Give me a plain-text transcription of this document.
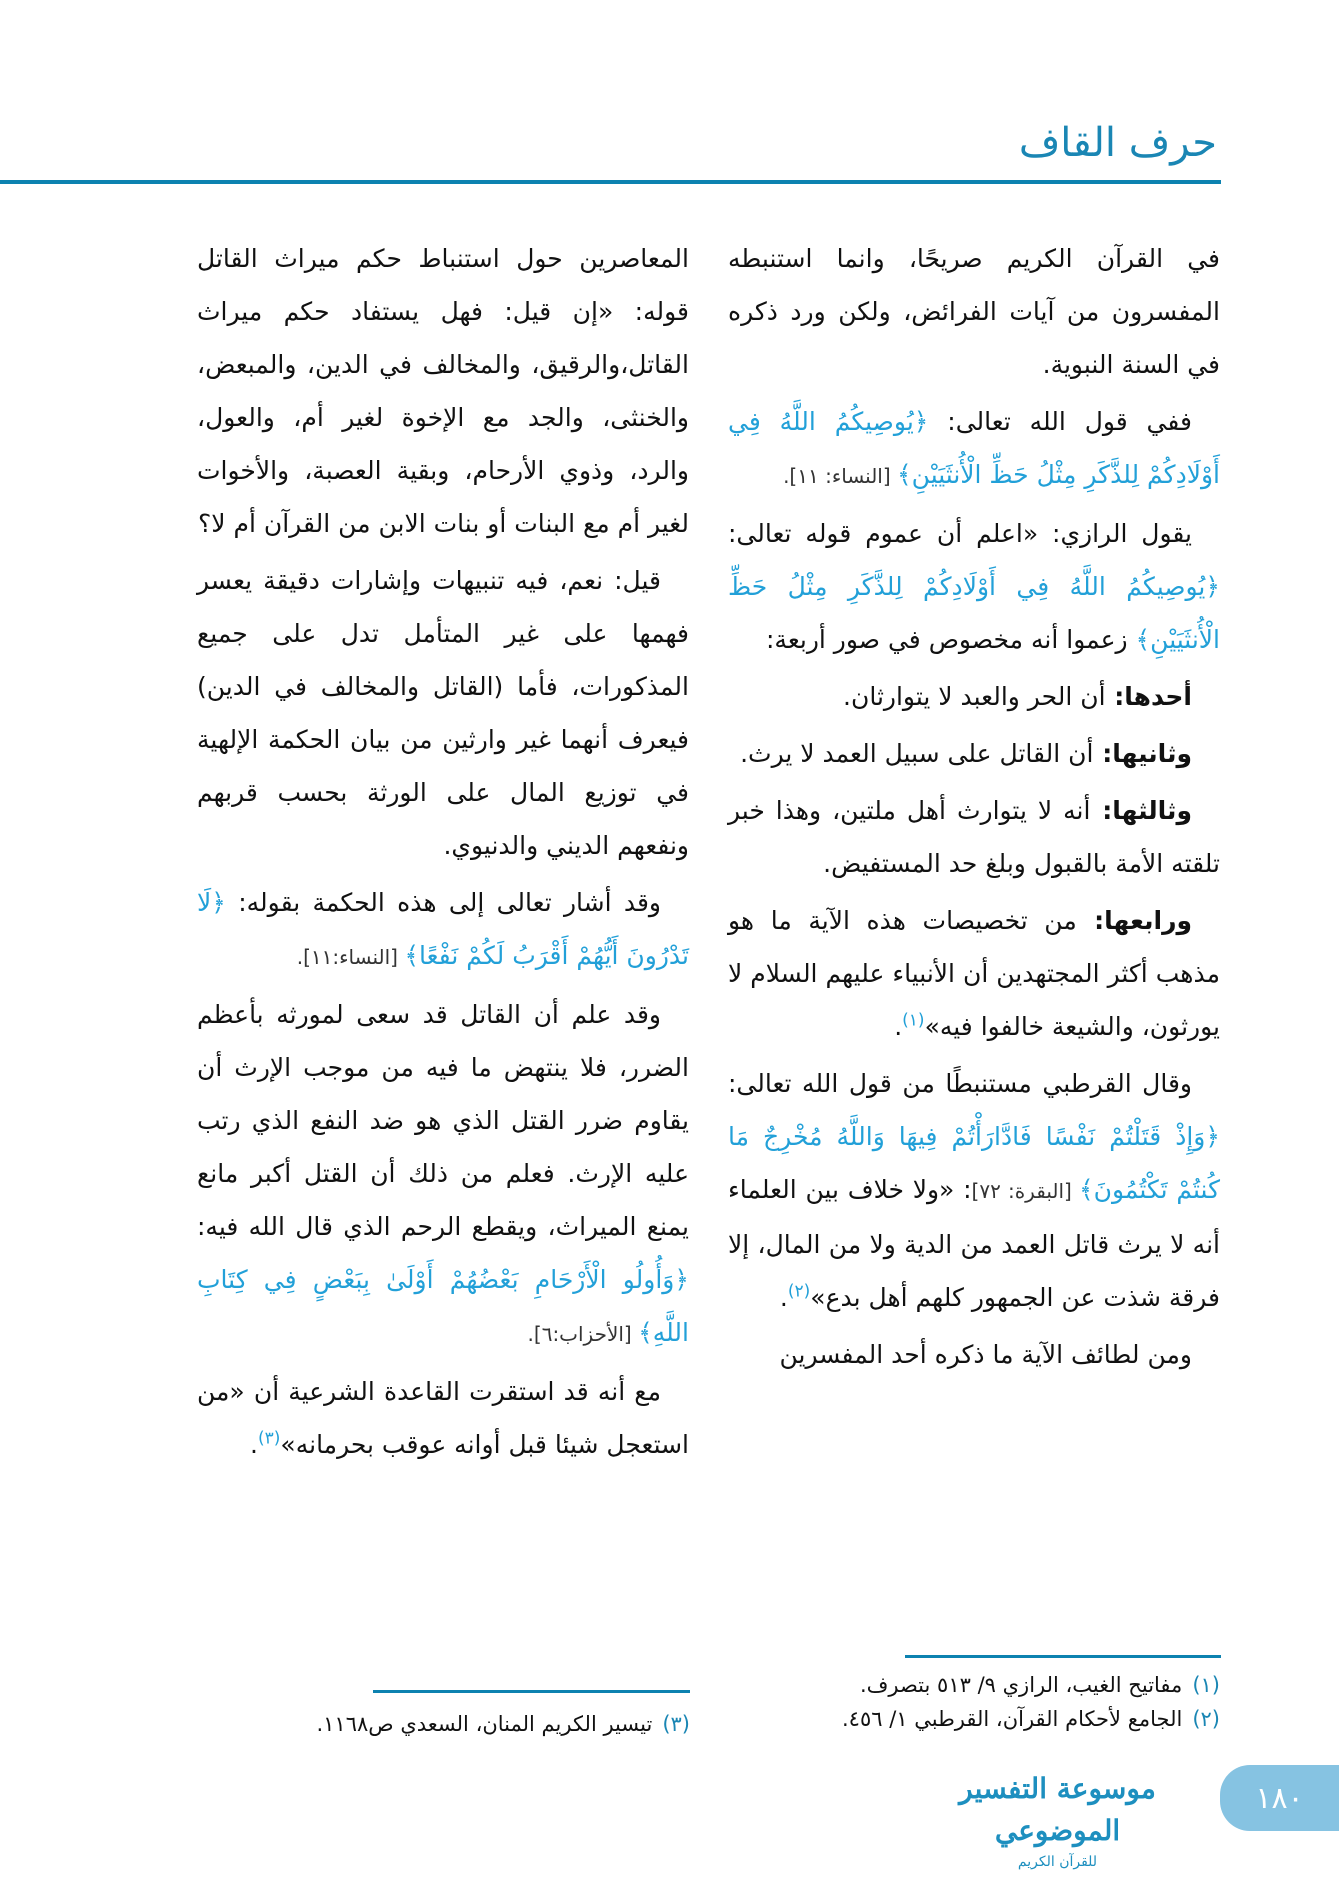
حرف القاف

في القرآن الكريم صريحًا، وانما استنبطه المفسرون من آيات الفرائض، ولكن ورد ذكره في السنة النبوية.

ففي قول الله تعالى: ﴿يُوصِيكُمُ اللَّهُ فِي أَوْلَادِكُمْ لِلذَّكَرِ مِثْلُ حَظِّ الْأُنثَيَيْنِ﴾ [النساء: ١١].

يقول الرازي: «اعلم أن عموم قوله تعالى: ﴿يُوصِيكُمُ اللَّهُ فِي أَوْلَادِكُمْ لِلذَّكَرِ مِثْلُ حَظِّ الْأُنثَيَيْنِ﴾ زعموا أنه مخصوص في صور أربعة:

أحدها: أن الحر والعبد لا يتوارثان.

وثانيها: أن القاتل على سبيل العمد لا يرث.

وثالثها: أنه لا يتوارث أهل ملتين، وهذا خبر تلقته الأمة بالقبول وبلغ حد المستفيض.

ورابعها: من تخصيصات هذه الآية ما هو مذهب أكثر المجتهدين أن الأنبياء عليهم السلام لا يورثون، والشيعة خالفوا فيه»$^{(١)}$.

وقال القرطبي مستنبطًا من قول الله تعالى: ﴿وَإِذْ قَتَلْتُمْ نَفْسًا فَادَّارَأْتُمْ فِيهَا وَاللَّهُ مُخْرِجٌ مَا كُنتُمْ تَكْتُمُونَ﴾ [البقرة: ٧٢]: «ولا خلاف بين العلماء أنه لا يرث قاتل العمد من الدية ولا من المال، إلا فرقة شذت عن الجمهور كلهم أهل بدع»$^{(٢)}$.

ومن لطائف الآية ما ذكره أحد المفسرين

المعاصرين حول استنباط حكم ميراث القاتل قوله: «إن قيل: فهل يستفاد حكم ميراث القاتل،والرقيق، والمخالف في الدين، والمبعض، والخنثى، والجد مع الإخوة لغير أم، والعول، والرد، وذوي الأرحام، وبقية العصبة، والأخوات لغير أم مع البنات أو بنات الابن من القرآن أم لا؟

قيل: نعم، فيه تنبيهات وإشارات دقيقة يعسر فهمها على غير المتأمل تدل على جميع المذكورات، فأما (القاتل والمخالف في الدين) فيعرف أنهما غير وارثين من بيان الحكمة الإلهية في توزيع المال على الورثة بحسب قربهم ونفعهم الديني والدنيوي.

وقد أشار تعالى إلى هذه الحكمة بقوله: ﴿لَا تَدْرُونَ أَيُّهُمْ أَقْرَبُ لَكُمْ نَفْعًا﴾ [النساء:١١].

وقد علم أن القاتل قد سعى لمورثه بأعظم الضرر، فلا ينتهض ما فيه من موجب الإرث أن يقاوم ضرر القتل الذي هو ضد النفع الذي رتب عليه الإرث. فعلم من ذلك أن القتل أكبر مانع يمنع الميراث، ويقطع الرحم الذي قال الله فيه: ﴿وَأُولُو الْأَرْحَامِ بَعْضُهُمْ أَوْلَىٰ بِبَعْضٍ فِي كِتَابِ اللَّهِ﴾ [الأحزاب:٦].

مع أنه قد استقرت القاعدة الشرعية أن «من استعجل شيئا قبل أوانه عوقب بحرمانه»$^{(٣)}$.

(١)مفاتيح الغيب، الرازي ٩/ ٥١٣ بتصرف.
(٢)الجامع لأحكام القرآن، القرطبي ١/ ٤٥٦.
(٣)تيسير الكريم المنان، السعدي ص١١٦٨.
موسوعة التفسير الموضوعي
للقرآن الكريم
١٨٠
